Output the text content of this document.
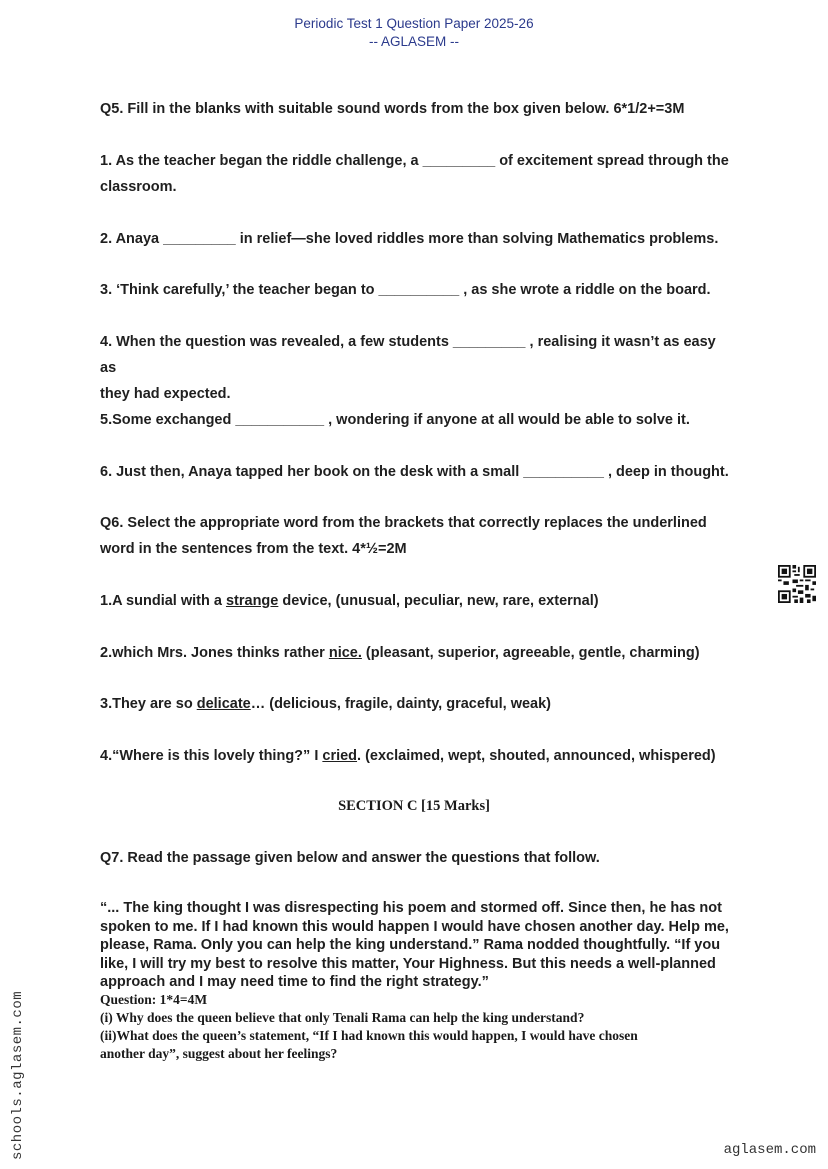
Periodic Test 1 Question Paper 2025-26
-- AGLASEM --
Q5. Fill in the blanks with suitable sound words from the box given below. 6*1/2+=3M
1. As the teacher began the riddle challenge, a _________ of excitement spread through the
classroom.
2. Anaya _________ in relief—she loved riddles more than solving Mathematics problems.
3. ‘Think carefully,’ the teacher began to __________ , as she wrote a riddle on the board.
4. When the question was revealed, a few students _________ , realising it wasn’t as easy as
they had expected.
5.Some exchanged ___________ , wondering if anyone at all would be able to solve it.
6. Just then, Anaya tapped her book on the desk with a small __________ , deep in thought.
Q6. Select the appropriate word from the brackets that correctly replaces the underlined
word in the sentences from the text. 4*½=2M
1.A sundial with a strange device, (unusual, peculiar, new, rare, external)
2.which Mrs. Jones thinks rather nice. (pleasant, superior, agreeable, gentle, charming)
3.They are so delicate… (delicious, fragile, dainty, graceful, weak)
4.“Where is this lovely thing?” I cried. (exclaimed, wept, shouted, announced, whispered)
SECTION C [15 Marks]
Q7. Read the passage given below and answer the questions that follow.
“... The king thought I was disrespecting his poem and stormed off. Since then, he has not
spoken to me. If I had known this would happen I would have chosen another day. Help me,
please, Rama. Only you can help the king understand.” Rama nodded thoughtfully. “If you
like, I will try my best to resolve this matter, Your Highness. But this needs a well-planned
approach and I may need time to find the right strategy.”
Question: 1*4=4M
(i) Why does the queen believe that only Tenali Rama can help the king understand?
(ii)What does the queen’s statement, “If I had known this would happen, I would have chosen
another day”, suggest about her feelings?
schools.aglasem.com	aglasem.com
